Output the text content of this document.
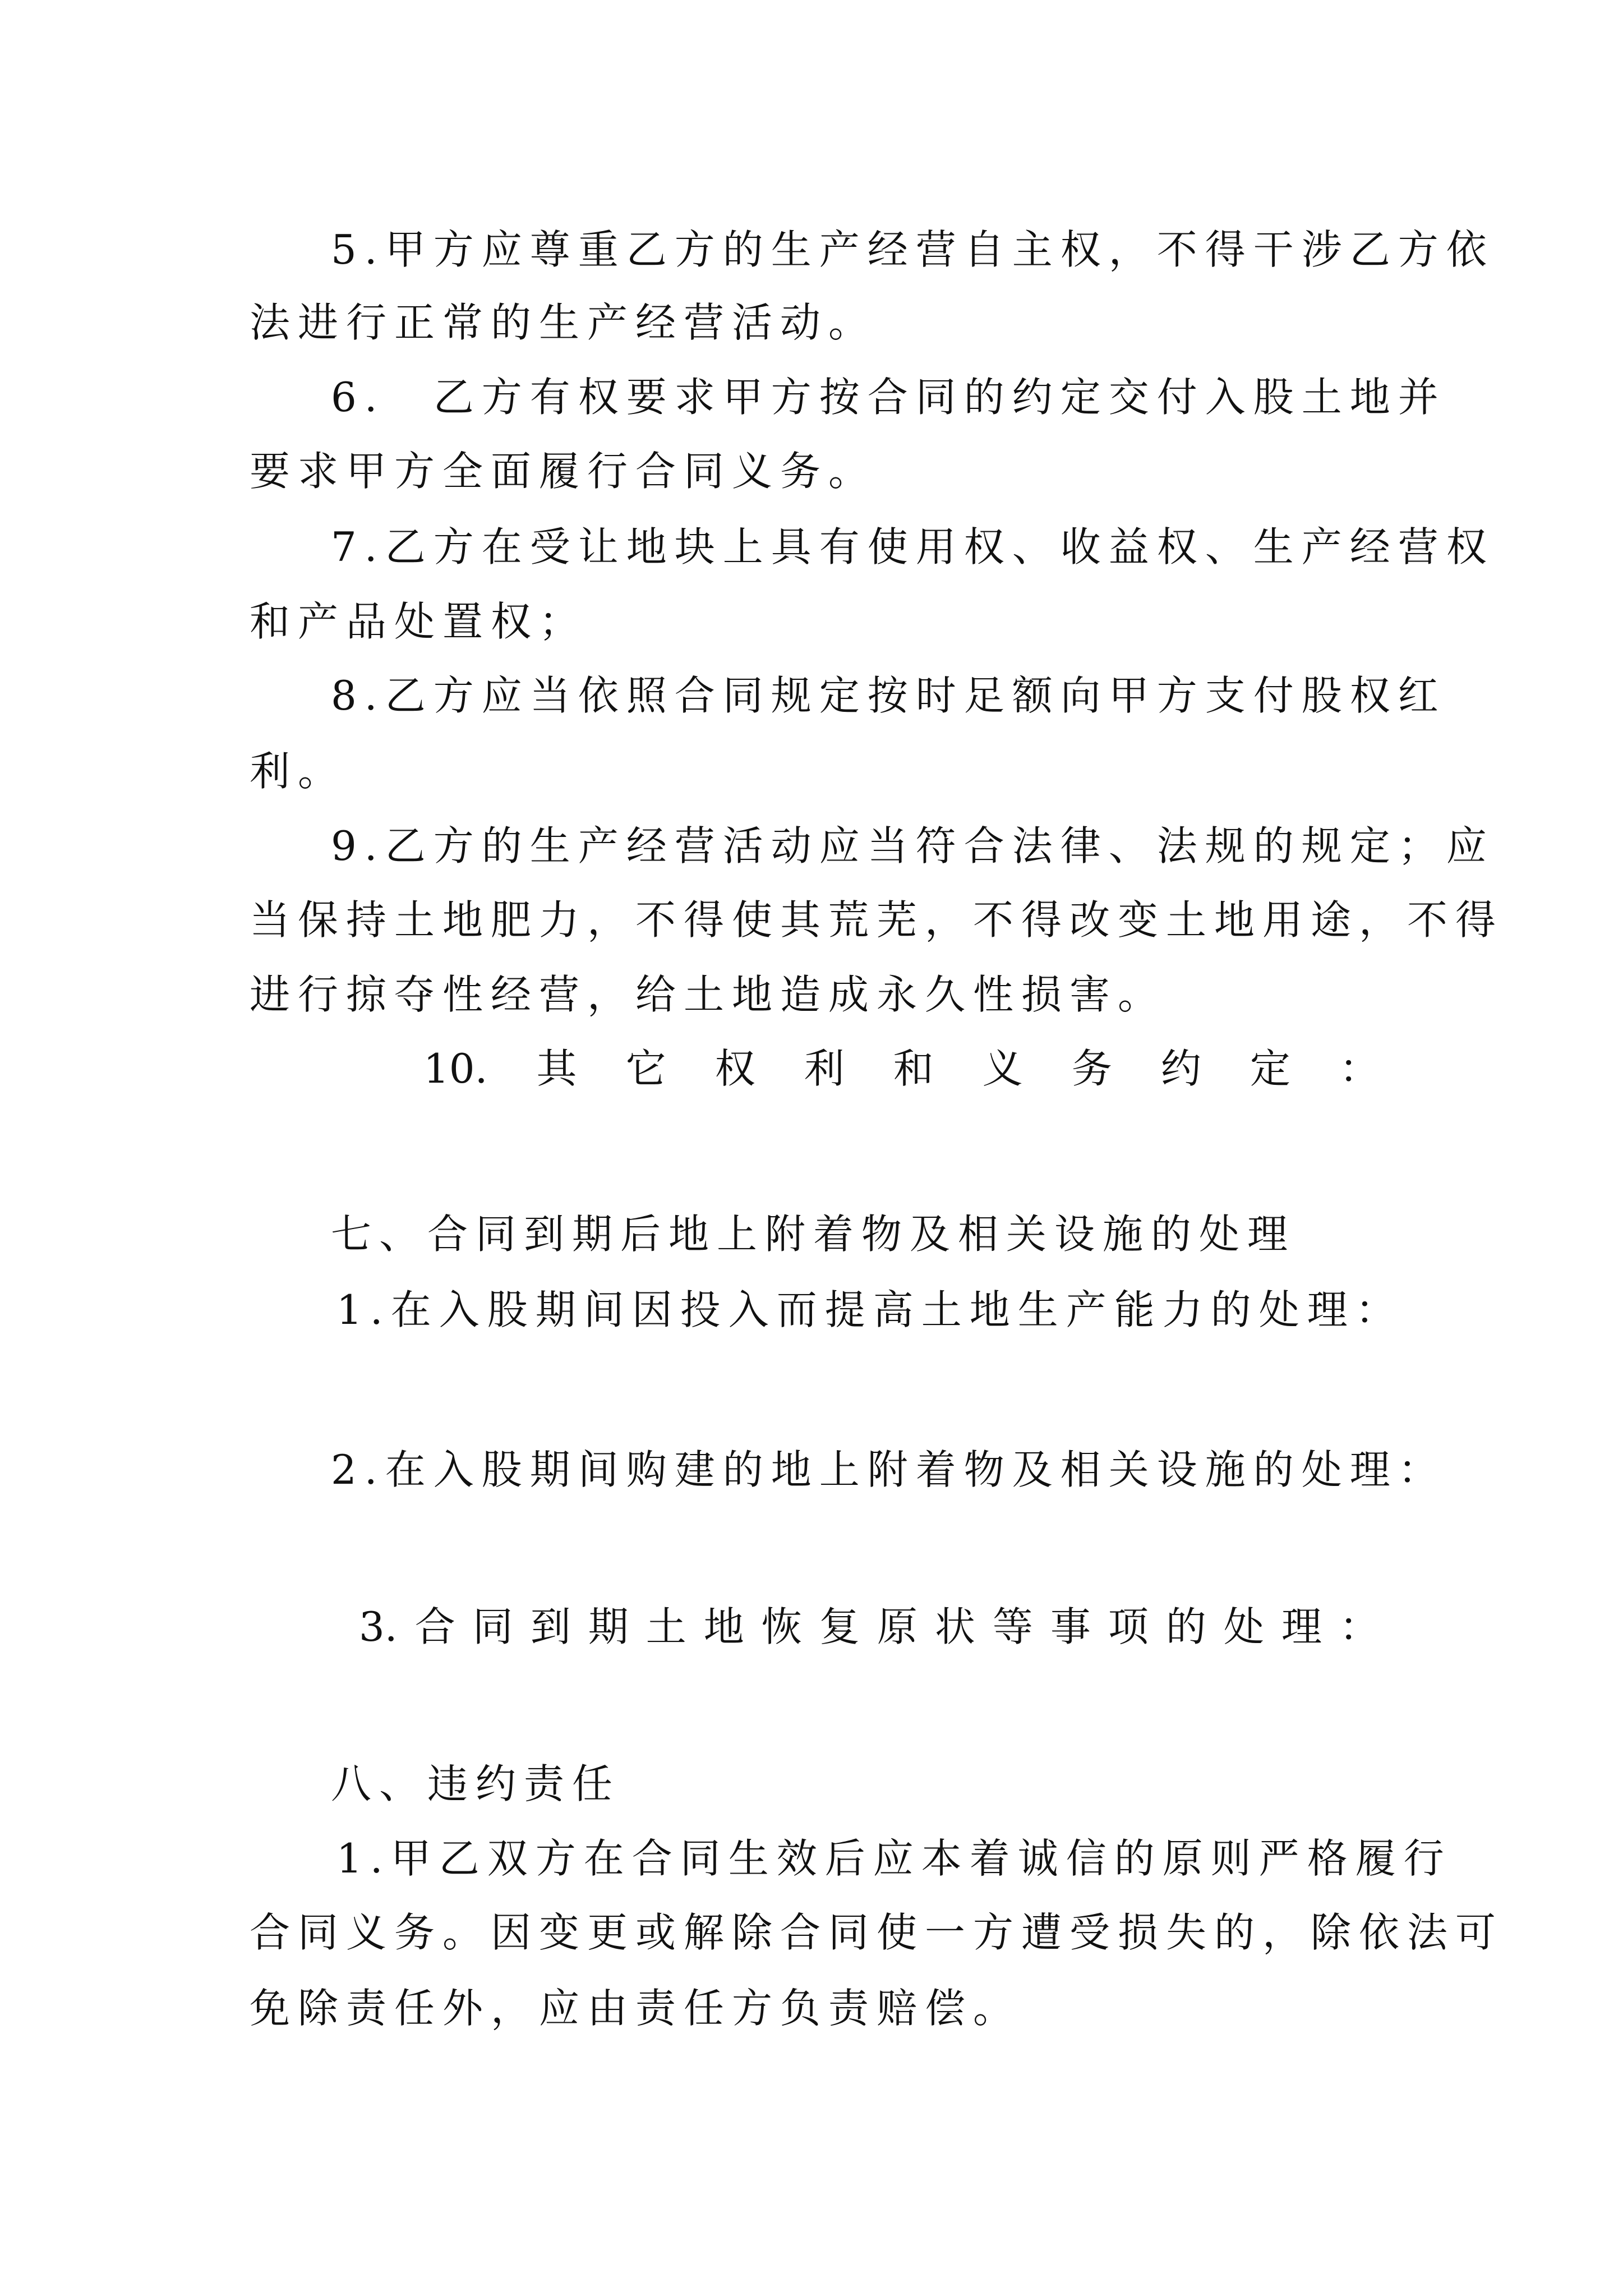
5.甲方应尊重乙方的生产经营自主权，不得干涉乙方依
法进行正常的生产经营活动。
6.　乙方有权要求甲方按合同的约定交付入股土地并
要求甲方全面履行合同义务。
7.乙方在受让地块上具有使用权、收益权、生产经营权
和产品处置权；
8.乙方应当依照合同规定按时足额向甲方支付股权红
利。
9.乙方的生产经营活动应当符合法律、法规的规定；应
当保持土地肥力，不得使其荒芜，不得改变土地用途，不得
进行掠夺性经营，给土地造成永久性损害。
10. 其 它 权 利 和 义 务 约 定 ：
七、合同到期后地上附着物及相关设施的处理
1.在入股期间因投入而提高土地生产能力的处理：
2.在入股期间购建的地上附着物及相关设施的处理：
3. 合 同 到 期 土 地 恢 复 原 状 等 事 项 的 处 理 ：
八、违约责任
1.甲乙双方在合同生效后应本着诚信的原则严格履行
合同义务。因变更或解除合同使一方遭受损失的，除依法可
免除责任外，应由责任方负责赔偿。
